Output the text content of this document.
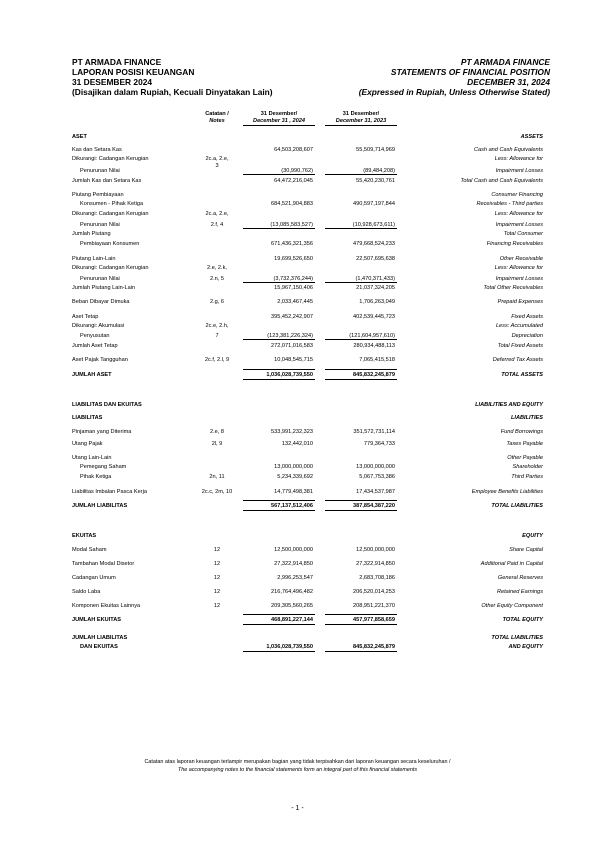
PT ARMADA FINANCE
LAPORAN POSISI KEUANGAN
31 DESEMBER 2024
(Disajikan dalam Rupiah, Kecuali Dinyatakan Lain)
PT ARMADA FINANCE
STATEMENTS OF FINANCIAL POSITION
DECEMBER 31, 2024
(Expressed in Rupiah, Unless Otherwise Stated)
Catatan /
Notes
31 Desember/
December 31 , 2024
31 Desember/
December 31, 2023
ASET	ASSETS
Kas dan Setara Kas	64,503,208,607	55,509,714,969	Cash and Cash Equivalents
Dikurangi: Cadangan Kerugian	2c.a, 2.e,	Less: Allowance for
3
Penurunan Nilai	(30,990,762)	(89,484,208)	Impairment Losses
Jumlah Kas dan Setara Kas	64,472,216,045	55,420,230,761	Total Cash and Cash Equivalents
Piutang Pembiayaan	Consumer Financing
Konsumen - Pihak Ketiga	684,521,904,883	490,597,197,844	Receivables - Third parties
Dikurangi: Cadangan Kerugian	2c.a, 2.e,	Less: Allowance for
Penurunan Nilai	2.f, 4	(13,085,583,527)	(10,928,673,611)	Impairment Losses
Jumlah Piutang	Total Consumer
Pembiayaan Konsumen	671,436,321,356	479,668,524,233	Financing Receivables
Piutang Lain-Lain	19,699,526,650	22,507,695,638	Other Receivable
Dikurangi: Cadangan Kerugian	2.e, 2.k,	Less: Allowance for
Penurunan Nilai	2.n, 5	(3,732,376,244)	(1,470,371,433)	Impairment Losses
Jumlah Piutang Lain-Lain	15,967,150,406	21,037,324,205	Total Other Receivables
Beban Dibayar Dimuka	2.g, 6	2,033,467,445	1,706,263,049	Prepaid Expenses
Aset Tetap	395,452,242,907	402,539,445,723	Fixed Assets
Dikurangi: Akumulasi	2c.e, 2.h,	Less: Accumulated
Penyusutan	7	(123,381,226,324)	(121,604,957,610)	Depreciation
Jumlah Aset Tetap	272,071,016,583	280,934,488,113	Total Fixed Assets
Aset Pajak Tangguhan	2c.f, 2.l, 9	10,048,545,715	7,065,415,518	Deferred Tax Assets
JUMLAH ASET	1,036,028,739,550	845,832,245,879	TOTAL ASSETS
LIABILITAS DAN EKUITAS	LIABILITIES AND EQUITY
LIABILITAS	LIABILITIES
Pinjaman yang Diterima	2.e, 8	533,991,232,323	351,572,731,114	Fund Borrowings
Utang Pajak	2l, 9	132,442,010	779,364,733	Taxes Payable
Utang Lain-Lain	Other Payable
Pemegang Saham	13,000,000,000	13,000,000,000	Shareholder
Pihak Ketiga	2n, 11	5,234,339,692	5,067,753,386	Third Parties
Liabilitas Imbalan Pasca Kerja	2c.c, 2m, 10	14,779,498,381	17,434,537,987	Employee Benefits Liabilities
JUMLAH LIABILITAS	567,137,512,406	387,854,387,220	TOTAL LIABILITIES
EKUITAS	EQUITY
Modal Saham	12	12,500,000,000	12,500,000,000	Share Capital
Tambahan Modal Disetor	12	27,322,914,850	27,322,914,850	Additional Paid in Capital
Cadangan Umum	12	2,996,253,547	2,683,708,186	General Reserves
Saldo Laba	12	216,764,496,482	206,520,014,253	Retained Earnings
Komponen Ekuitas Lainnya	12	209,305,560,265	208,951,221,370	Other Equity Component
JUMLAH EKUITAS	468,891,227,144	457,977,858,659	TOTAL EQUITY
JUMLAH LIABILITAS	TOTAL LIABILITIES
DAN EKUITAS	1,036,028,739,550	845,832,245,879	AND EQUITY
Catatan atas laporan keuangan terlampir merupakan bagian yang tidak terpisahkan dari laporan keuangan secara keseluruhan /
The accompanying notes to the financial statements form an integral part of this financial statements
- 1 -
